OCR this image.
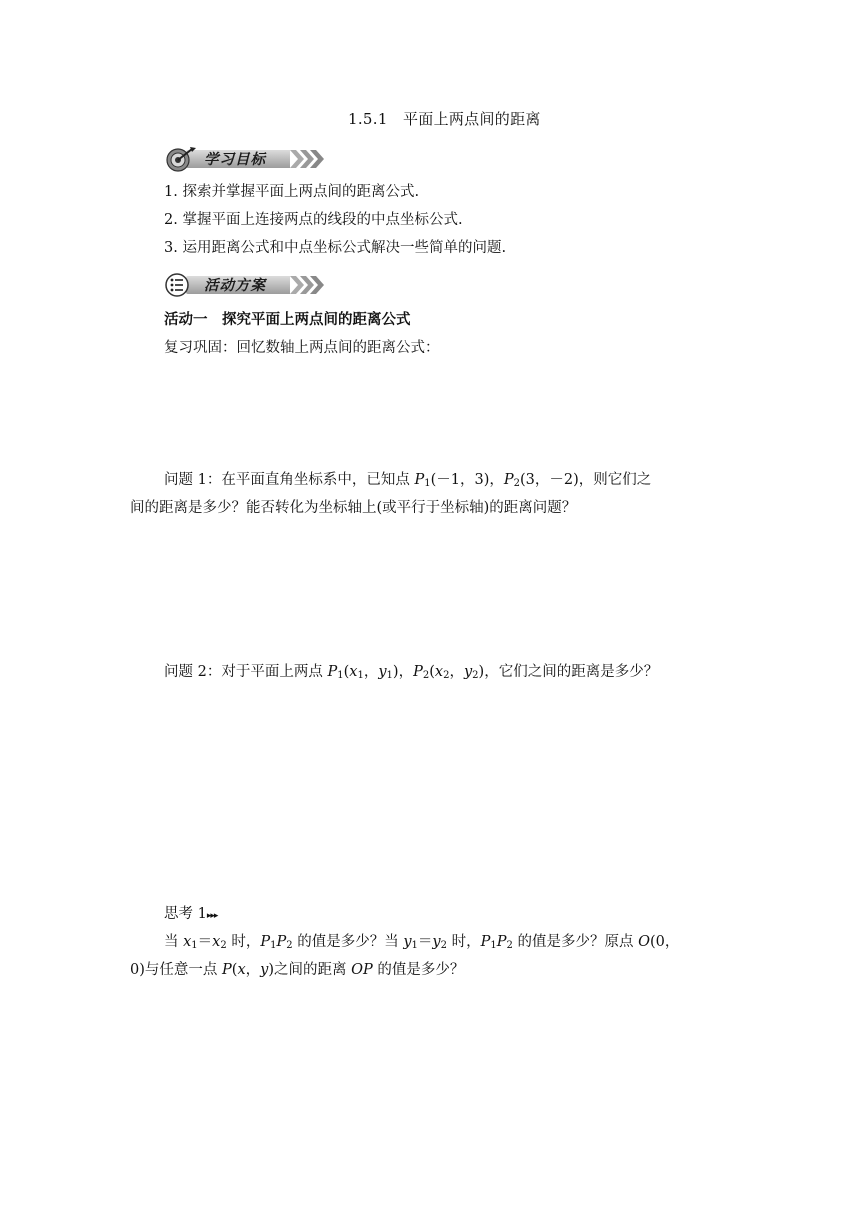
1.5.1　平面上两点间的距离
学习目标
1. 探索并掌握平面上两点间的距离公式.
2. 掌握平面上连接两点的线段的中点坐标公式.
3. 运用距离公式和中点坐标公式解决一些简单的问题.
活动方案
活动一　探究平面上两点间的距离公式
复习巩固：回忆数轴上两点间的距离公式：
问题 1：在平面直角坐标系中，已知点 $P_1(-1$，3)，$P_2(3$，－2)，则它们之
间的距离是多少？能否转化为坐标轴上(或平行于坐标轴)的距离问题？
问题 2：对于平面上两点 $P_1(x_1$，$y_1$)，$P_2(x_2$，$y_2$)，它们之间的距离是多少？
思考 1▸▸▸
当 $x_1=x_2$ 时，$P_1P_2$ 的值是多少？当 $y_1=y_2$ 时，$P_1P_2$ 的值是多少？原点 O(0，
0)与任意一点 P(x，y)之间的距离 OP 的值是多少？
